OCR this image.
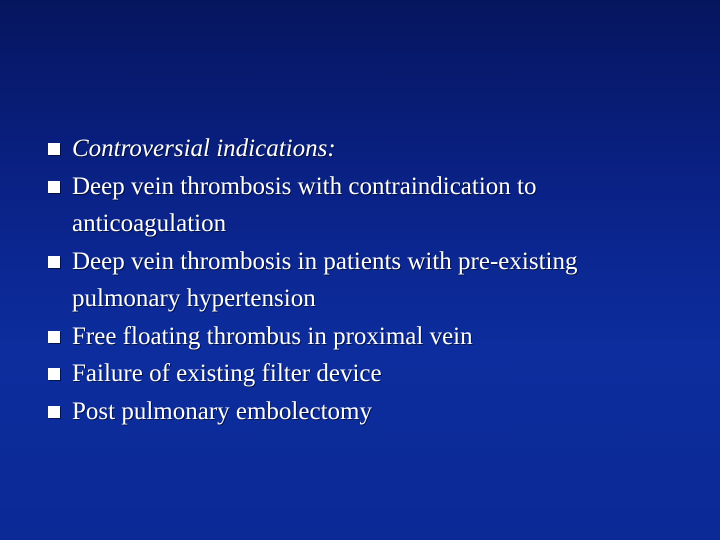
Controversial indications:
Deep vein thrombosis with contraindication to anticoagulation
Deep vein thrombosis in patients with pre-existing pulmonary hypertension
Free floating thrombus in proximal vein
Failure of existing filter device
Post pulmonary embolectomy
